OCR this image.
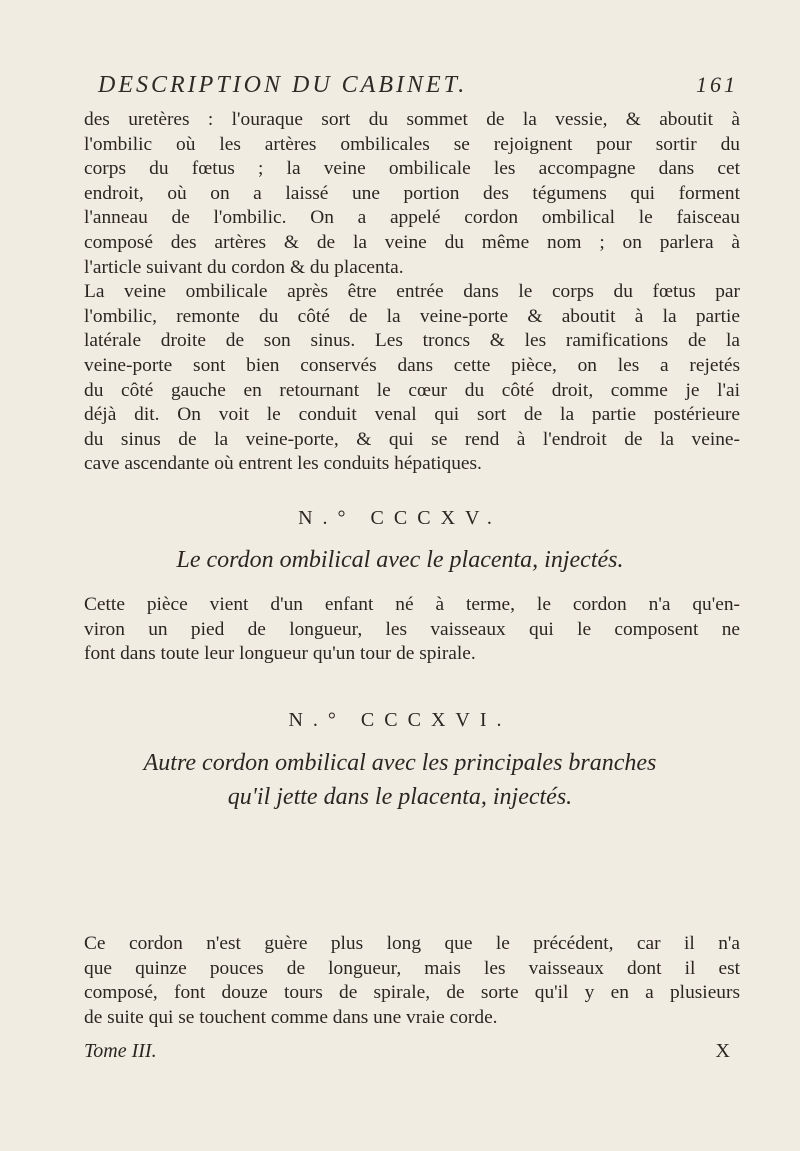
DESCRIPTION DU CABINET.	161

des uretères : l'ouraque sort du sommet de la vessie, & aboutit à
l'ombilic où les artères ombilicales se rejoignent pour sortir du
corps du fœtus ; la veine ombilicale les accompagne dans cet
endroit, où on a laissé une portion des tégumens qui forment
l'anneau de l'ombilic. On a appelé cordon ombilical le faisceau
composé des artères & de la veine du même nom ; on parlera à
l'article suivant du cordon & du placenta.

La veine ombilicale après être entrée dans le corps du fœtus par
l'ombilic, remonte du côté de la veine-porte & aboutit à la partie
latérale droite de son sinus. Les troncs & les ramifications de la
veine-porte sont bien conservés dans cette pièce, on les a rejetés
du côté gauche en retournant le cœur du côté droit, comme je l'ai
déjà dit. On voit le conduit venal qui sort de la partie postérieure
du sinus de la veine-porte, & qui se rend à l'endroit de la veine-
cave ascendante où entrent les conduits hépatiques.

N.° CCCXV.
Le cordon ombilical avec le placenta, injectés.

Cette pièce vient d'un enfant né à terme, le cordon n'a qu'en-
viron un pied de longueur, les vaisseaux qui le composent ne
font dans toute leur longueur qu'un tour de spirale.

N.° CCCXVI.
Autre cordon ombilical avec les principales branches
qu'il jette dans le placenta, injectés.

Ce cordon n'est guère plus long que le précédent, car il n'a
que quinze pouces de longueur, mais les vaisseaux dont il est
composé, font douze tours de spirale, de sorte qu'il y en a plusieurs
de suite qui se touchent comme dans une vraie corde.

Tome III.	X
